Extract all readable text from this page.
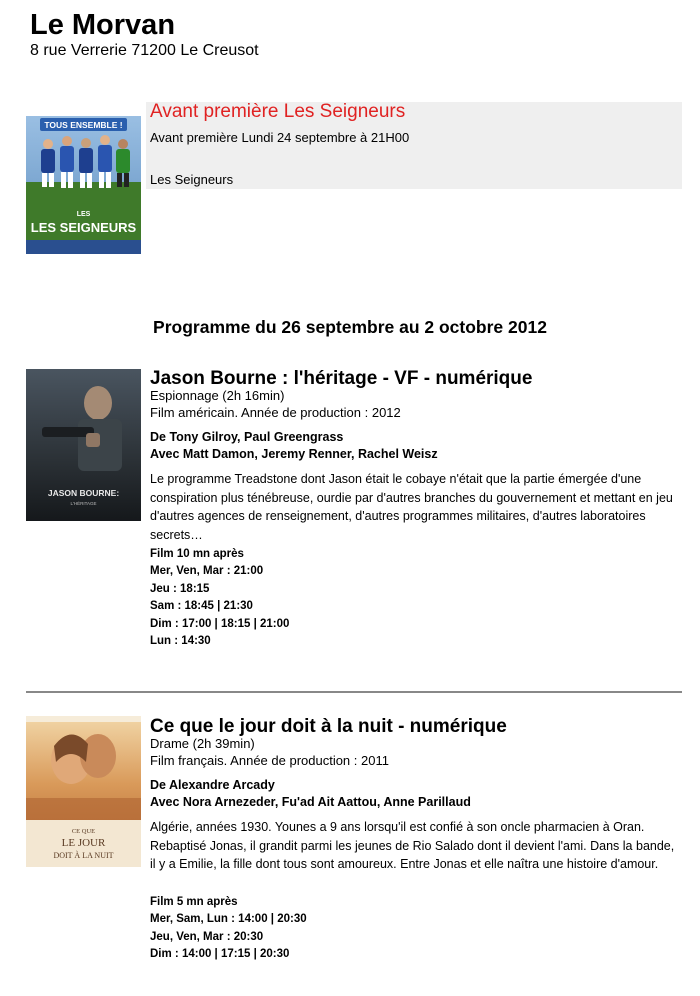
Le Morvan
8 rue Verrerie 71200 Le Creusot
TOUS ENSEMBLE !
LES
LES SEIGNEURS
Avant première Les Seigneurs
Avant première Lundi 24 septembre à 21H00
Les Seigneurs
Programme du 26 septembre au 2 octobre 2012
JASON BOURNE:
L'HÉRITAGE
Jason Bourne : l'héritage - VF - numérique
Espionnage (2h 16min)
Film américain. Année de production : 2012
De Tony Gilroy, Paul Greengrass
Avec Matt Damon, Jeremy Renner, Rachel Weisz
Le programme Treadstone dont Jason était le cobaye n'était que la partie émergée d'une conspiration plus ténébreuse, ourdie par d'autres branches du gouvernement et mettant en jeu d'autres agences de renseignement, d'autres programmes militaires, d'autres laboratoires secrets…
Film 10 mn après
Mer, Ven, Mar : 21:00
Jeu : 18:15
Sam : 18:45 | 21:30
Dim : 17:00 | 18:15 | 21:00
Lun : 14:30
CE QUE
LE JOUR
DOIT À LA NUIT
Ce que le jour doit à la nuit - numérique
Drame (2h 39min)
Film français. Année de production : 2011
De Alexandre Arcady
Avec Nora Arnezeder, Fu'ad Ait Aattou, Anne Parillaud
Algérie, années 1930. Younes a 9 ans lorsqu'il est confié à son oncle pharmacien à Oran. Rebaptisé Jonas, il grandit parmi les jeunes de Rio Salado dont il devient l'ami. Dans la bande, il y a Emilie, la fille dont tous sont amoureux. Entre Jonas et elle naîtra une histoire d'amour.
Film 5 mn après
Mer, Sam, Lun : 14:00 | 20:30
Jeu, Ven, Mar : 20:30
Dim : 14:00 | 17:15 | 20:30
